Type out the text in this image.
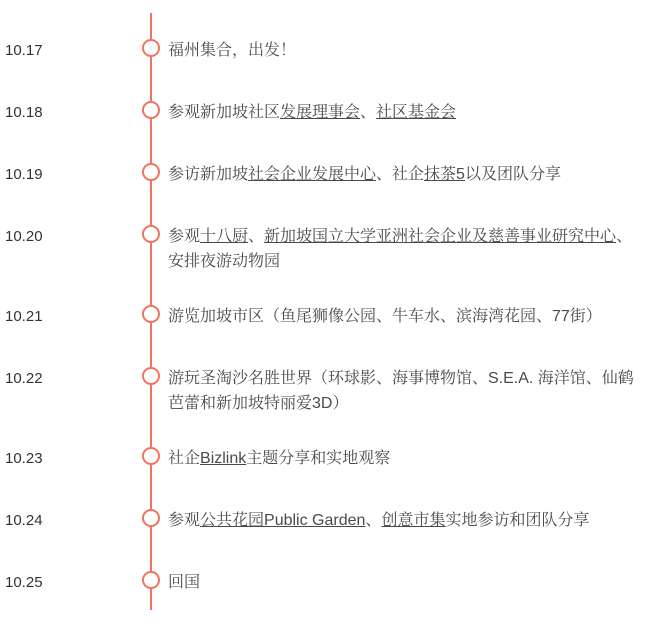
10.17	福州集合，出发！
10.18	参观新加坡社区发展理事会、社区基金会
10.19	参访新加坡社会企业发展中心、社企抹茶5以及团队分享
10.20	参观十八厨、新加坡国立大学亚洲社会企业及慈善事业研究中心、安排夜游动物园
10.21	游览加坡市区（鱼尾狮像公园、牛车水、滨海湾花园、77街）
10.22	游玩圣淘沙名胜世界（环球影、海事博物馆、S.E.A. 海洋馆、仙鹤芭蕾和新加坡特丽爱3D）
10.23	社企Bizlink主题分享和实地观察
10.24	参观公共花园Public Garden、创意市集实地参访和团队分享
10.25	回国
